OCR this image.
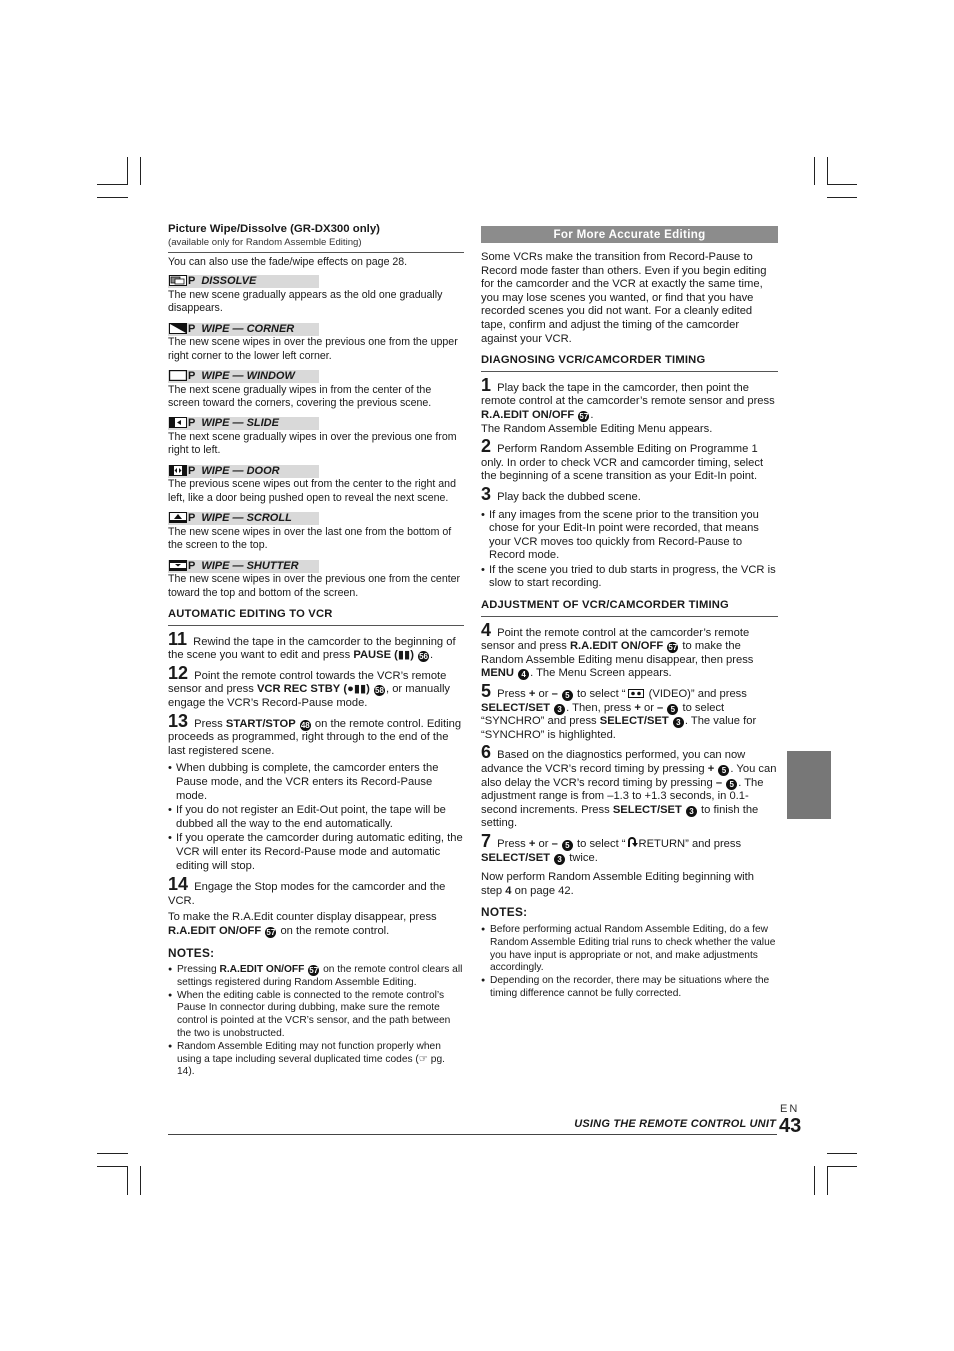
Picture Wipe/Dissolve (GR-DX300 only)

(available only for Random Assemble Editing)

You can also use the fade/wipe effects on page 28.

P DISSOLVE

The new scene gradually appears as the old one gradually disappears.

P WIPE — CORNER

The new scene wipes in over the previous one from the upper right corner to the lower left corner.

P WIPE — WINDOW

The next scene gradually wipes in from the center of the screen toward the corners, covering the previous scene.

P WIPE — SLIDE

The next scene gradually wipes in over the previous one from right to left.

P WIPE — DOOR

The previous scene wipes out from the center to the right and left, like a door being pushed open to reveal the next scene.

P WIPE — SCROLL

The new scene wipes in over the last one from the bottom of the screen to the top.

P WIPE — SHUTTER

The new scene wipes in over the previous one from the center toward the top and bottom of the screen.

AUTOMATIC EDITING TO VCR

11 Rewind the tape in the camcorder to the beginning of the scene you want to edit and press PAUSE (▮▮) 56 .

12 Point the remote control towards the VCR’s remote sensor and press VCR REC STBY (●▮▮) 58 , or manually engage the VCR’s Record-Pause mode.

13 Press START/STOP 48 on the remote control. Editing proceeds as programmed, right through to the end of the last registered scene.

• When dubbing is complete, the camcorder enters the Pause mode, and the VCR enters its Record-Pause mode.
• If you do not register an Edit-Out point, the tape will be dubbed all the way to the end automatically.
• If you operate the camcorder during automatic editing, the VCR will enter its Record-Pause mode and automatic editing will stop.

14 Engage the Stop modes for the camcorder and the VCR.

To make the R.A.Edit counter display disappear, press R.A.EDIT ON/OFF 57 on the remote control.

NOTES:
● Pressing R.A.EDIT ON/OFF 57 on the remote control clears all settings registered during Random Assemble Editing.
● When the editing cable is connected to the remote control’s Pause In connector during dubbing, make sure the remote control is pointed at the VCR’s sensor, and the path between the two is unobstructed.
● Random Assemble Editing may not function properly when using a tape including several duplicated time codes (☞ pg. 14).
For More Accurate Editing

Some VCRs make the transition from Record-Pause to Record mode faster than others. Even if you begin editing for the camcorder and the VCR at exactly the same time, you may lose scenes you wanted, or find that you have recorded scenes you did not want. For a cleanly edited tape, confirm and adjust the timing of the camcorder against your VCR.

DIAGNOSING VCR/CAMCORDER TIMING

1 Play back the tape in the camcorder, then point the remote control at the camcorder’s remote sensor and press R.A.EDIT ON/OFF 57 .
The Random Assemble Editing Menu appears.

2 Perform Random Assemble Editing on Programme 1 only. In order to check VCR and camcorder timing, select the beginning of a scene transition as your Edit-In point.

3 Play back the dubbed scene.

• If any images from the scene prior to the transition you chose for your Edit-In point were recorded, that means your VCR moves too quickly from Record-Pause to Record mode.
• If the scene you tried to dub starts in progress, the VCR is slow to start recording.
ADJUSTMENT OF VCR/CAMCORDER TIMING

4 Point the remote control at the camcorder’s remote sensor and press R.A.EDIT ON/OFF 57 to make the Random Assemble Editing menu disappear, then press MENU 4 . The Menu Screen appears.

5 Press + or – 5 to select “ (VIDEO)” and press SELECT/SET 3 . Then, press + or – 5 to select “SYNCHRO” and press SELECT/SET 3 . The value for “SYNCHRO” is highlighted.

6 Based on the diagnostics performed, you can now advance the VCR’s record timing by pressing + 5 . You can also delay the VCR’s record timing by pressing – 5 . The adjustment range is from –1.3 to +1.3 seconds, in 0.1-second increments. Press SELECT/SET 3 to finish the setting.

7 Press + or – 5 to select “ RETURN” and press SELECT/SET 3 twice.

Now perform Random Assemble Editing beginning with step 4 on page 42.

NOTES:
● Before performing actual Random Assemble Editing, do a few Random Assemble Editing trial runs to check whether the value you have input is appropriate or not, and make adjustments accordingly.
● Depending on the recorder, there may be situations where the timing difference cannot be fully corrected.
USING THE REMOTE CONTROL UNIT
EN
43
